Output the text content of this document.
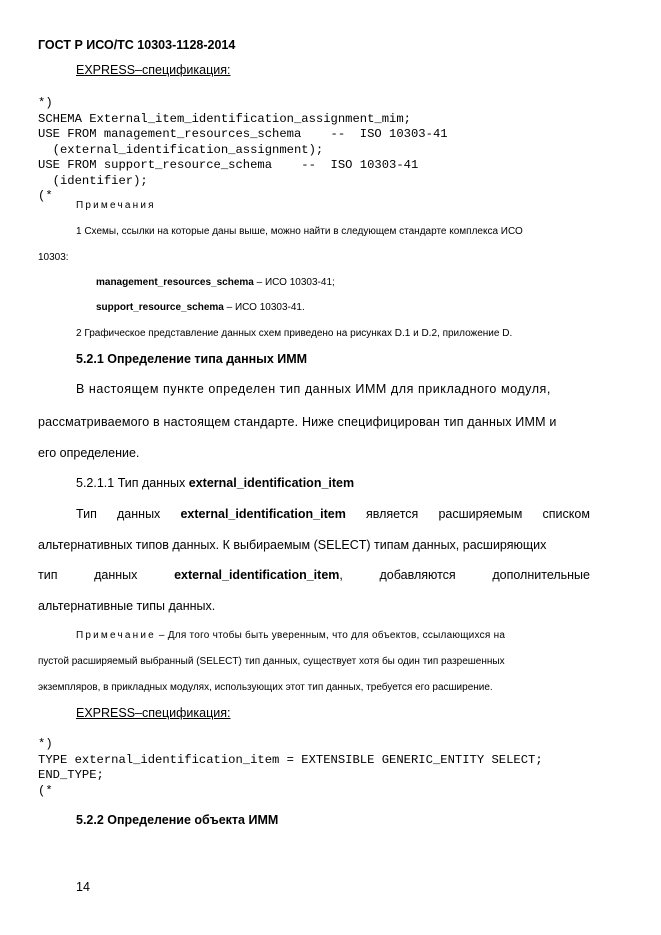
ГОСТ Р ИСО/ТС 10303-1128-2014
EXPRESS–спецификация:
*)
SCHEMA External_item_identification_assignment_mim;
USE FROM management_resources_schema    --  ISO 10303-41
(external_identification_assignment);
USE FROM support_resource_schema    --  ISO 10303-41
(identifier);
(*
Примечания
1 Схемы, ссылки на которые даны выше, можно найти в следующем стандарте комплекса ИСО
10303:
management_resources_schema – ИСО 10303-41;
support_resource_schema – ИСО 10303-41.
2 Графическое представление данных схем приведено на рисунках D.1 и D.2, приложение D.
5.2.1 Определение типа данных ИММ
В настоящем пункте определен тип данных ИММ для прикладного модуля,
рассматриваемого в настоящем стандарте. Ниже специфицирован тип данных ИММ и
его определение.
5.2.1.1 Тип данных external_identification_item
Тип данных external_identification_item является расширяемым списком
альтернативных типов данных. К выбираемым (SELECT) типам данных, расширяющих
тип	данных	external_identification_item,	добавляются	дополнительные
альтернативные типы данных.
Примечание – Для того чтобы быть уверенным, что для объектов, ссылающихся на
пустой расширяемый выбранный (SELECT) тип данных, существует хотя бы один тип разрешенных
экземпляров, в прикладных модулях, использующих этот тип данных, требуется его расширение.
EXPRESS–спецификация:
*)
TYPE external_identification_item = EXTENSIBLE GENERIC_ENTITY SELECT;
END_TYPE;
(*
5.2.2 Определение объекта ИММ
14
